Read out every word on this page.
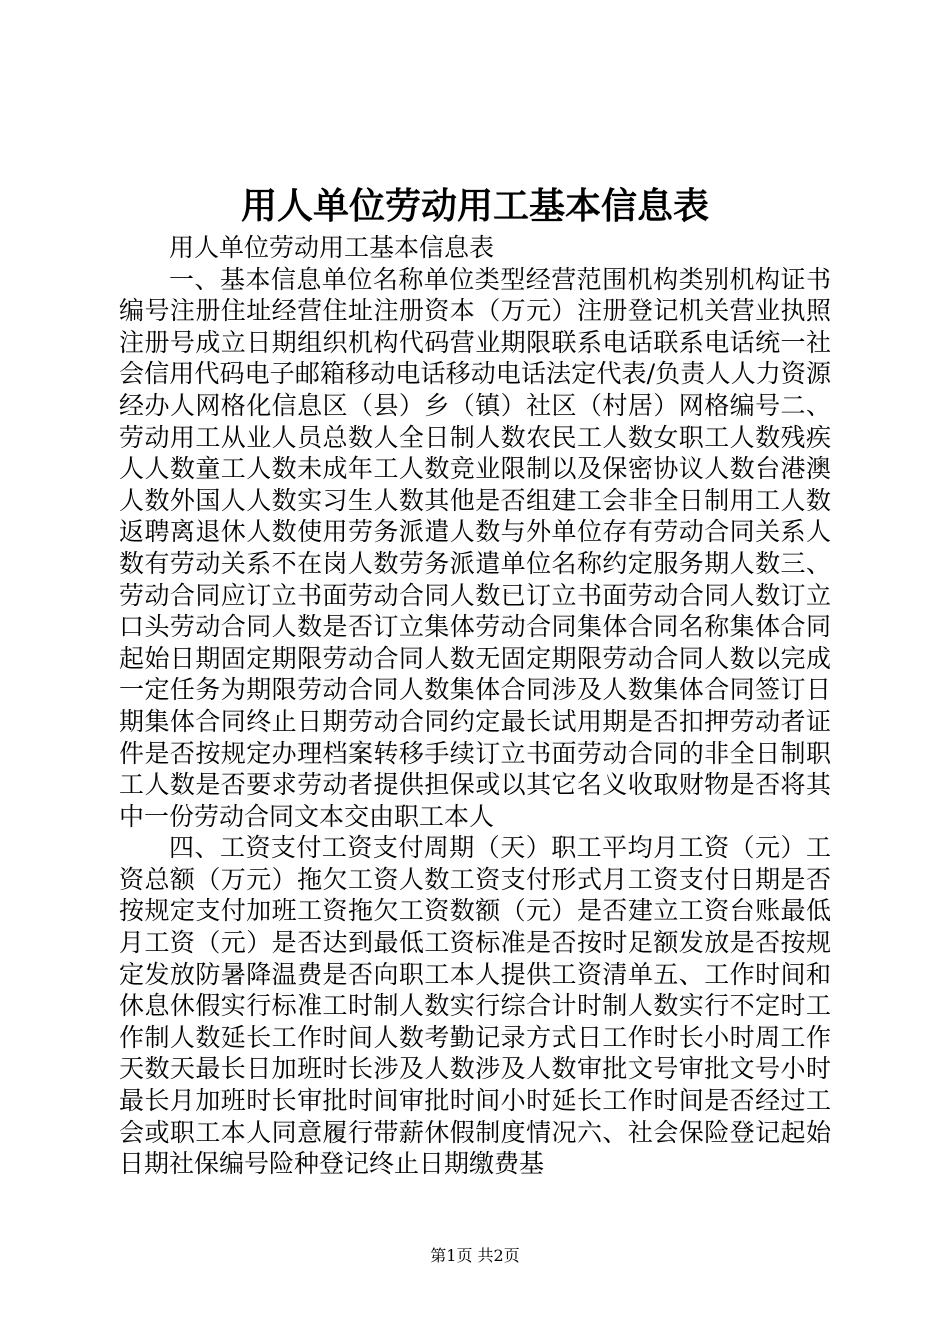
用人单位劳动用工基本信息表

用人单位劳动用工基本信息表

一、基本信息单位名称单位类型经营范围机构类别机构证书编号注册住址经营住址注册资本（万元）注册登记机关营业执照注册号成立日期组织机构代码营业期限联系电话联系电话统一社会信用代码电子邮箱移动电话移动电话法定代表/负责人人力资源经办人网格化信息区（县）乡（镇）社区（村居）网格编号二、劳动用工从业人员总数人全日制人数农民工人数女职工人数残疾人人数童工人数未成年工人数竞业限制以及保密协议人数台港澳人数外国人人数实习生人数其他是否组建工会非全日制用工人数返聘离退休人数使用劳务派遣人数与外单位存有劳动合同关系人数有劳动关系不在岗人数劳务派遣单位名称约定服务期人数三、劳动合同应订立书面劳动合同人数已订立书面劳动合同人数订立口头劳动合同人数是否订立集体劳动合同集体合同名称集体合同起始日期固定期限劳动合同人数无固定期限劳动合同人数以完成一定任务为期限劳动合同人数集体合同涉及人数集体合同签订日期集体合同终止日期劳动合同约定最长试用期是否扣押劳动者证件是否按规定办理档案转移手续订立书面劳动合同的非全日制职工人数是否要求劳动者提供担保或以其它名义收取财物是否将其中一份劳动合同文本交由职工本人

四、工资支付工资支付周期（天）职工平均月工资（元）工资总额（万元）拖欠工资人数工资支付形式月工资支付日期是否按规定支付加班工资拖欠工资数额（元）是否建立工资台账最低月工资（元）是否达到最低工资标准是否按时足额发放是否按规定发放防暑降温费是否向职工本人提供工资清单五、工作时间和休息休假实行标准工时制人数实行综合计时制人数实行不定时工作制人数延长工作时间人数考勤记录方式日工作时长小时周工作天数天最长日加班时长涉及人数涉及人数审批文号审批文号小时最长月加班时长审批时间审批时间小时延长工作时间是否经过工会或职工本人同意履行带薪休假制度情况六、社会保险登记起始日期社保编号险种登记终止日期缴费基

第1页 共2页
